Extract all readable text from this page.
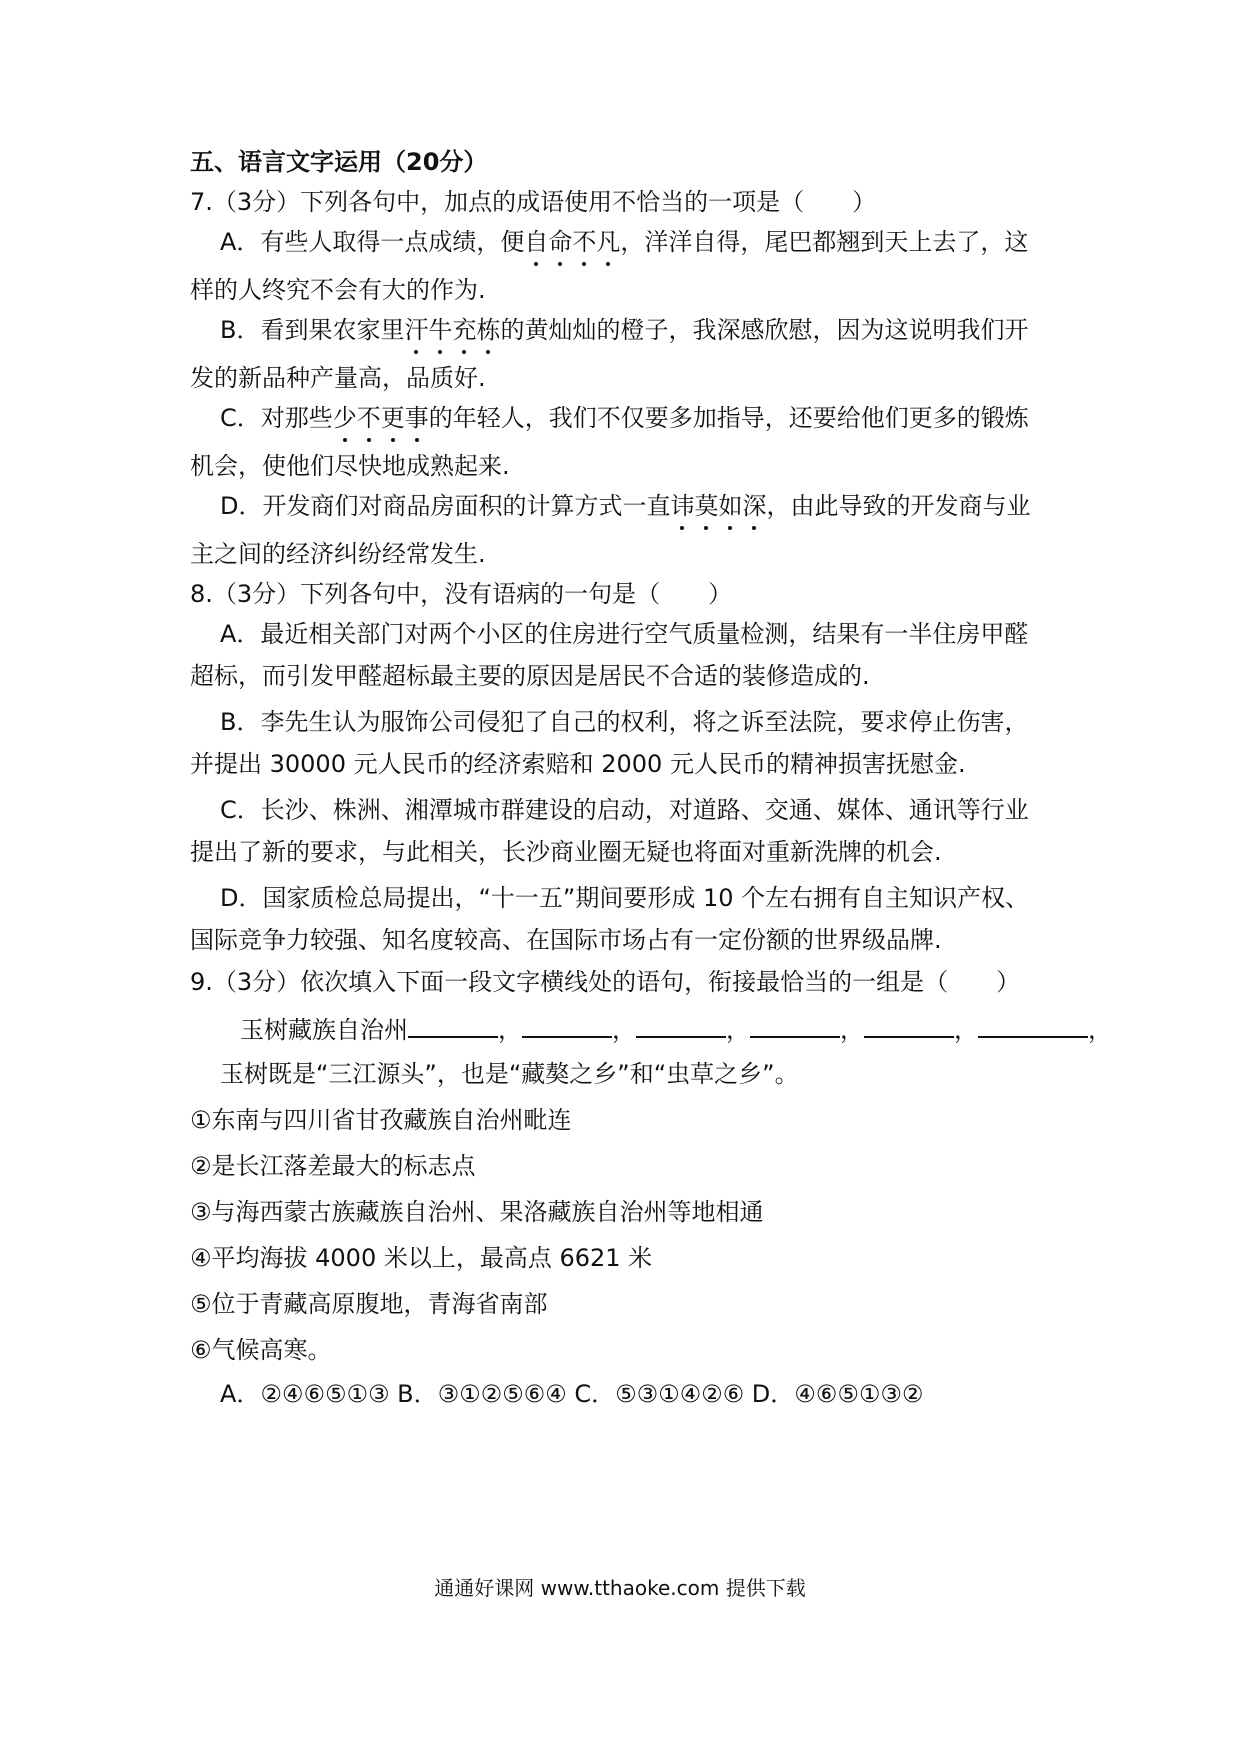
五、语言文字运用（20分）
7.（3分）下列各句中，加点的成语使用不恰当的一项是（　　）
A．有些人取得一点成绩，便自命不凡，洋洋自得，尾巴都翘到天上去了，这
样的人终究不会有大的作为.
B．看到果农家里汗牛充栋的黄灿灿的橙子，我深感欣慰，因为这说明我们开
发的新品种产量高，品质好.
C．对那些少不更事的年轻人，我们不仅要多加指导，还要给他们更多的锻炼
机会，使他们尽快地成熟起来.
D．开发商们对商品房面积的计算方式一直讳莫如深，由此导致的开发商与业
主之间的经济纠纷经常发生.
8.（3分）下列各句中，没有语病的一句是（　　）
A．最近相关部门对两个小区的住房进行空气质量检测，结果有一半住房甲醛
超标，而引发甲醛超标最主要的原因是居民不合适的装修造成的.
B．李先生认为服饰公司侵犯了自己的权利，将之诉至法院，要求停止伤害，
并提出 30000 元人民币的经济索赔和 2000 元人民币的精神损害抚慰金.
C．长沙、株洲、湘潭城市群建设的启动，对道路、交通、媒体、通讯等行业
提出了新的要求，与此相关，长沙商业圈无疑也将面对重新洗牌的机会.
D．国家质检总局提出，“十一五”期间要形成 10 个左右拥有自主知识产权、
国际竞争力较强、知名度较高、在国际市场占有一定份额的世界级品牌.
9.（3分）依次填入下面一段文字横线处的语句，衔接最恰当的一组是（　　）
玉树藏族自治州	，	，	，	，	，	，
玉树既是“三江源头”，也是“藏獒之乡”和“虫草之乡”。
①东南与四川省甘孜藏族自治州毗连
②是长江落差最大的标志点
③与海西蒙古族藏族自治州、果洛藏族自治州等地相通
④平均海拔 4000 米以上，最高点 6621 米
⑤位于青藏高原腹地，青海省南部
⑥气候高寒。
A．②④⑥⑤①③ B．③①②⑤⑥④ C．⑤③①④②⑥ D．④⑥⑤①③②
通通好课网 www.tthaoke.com 提供下载
